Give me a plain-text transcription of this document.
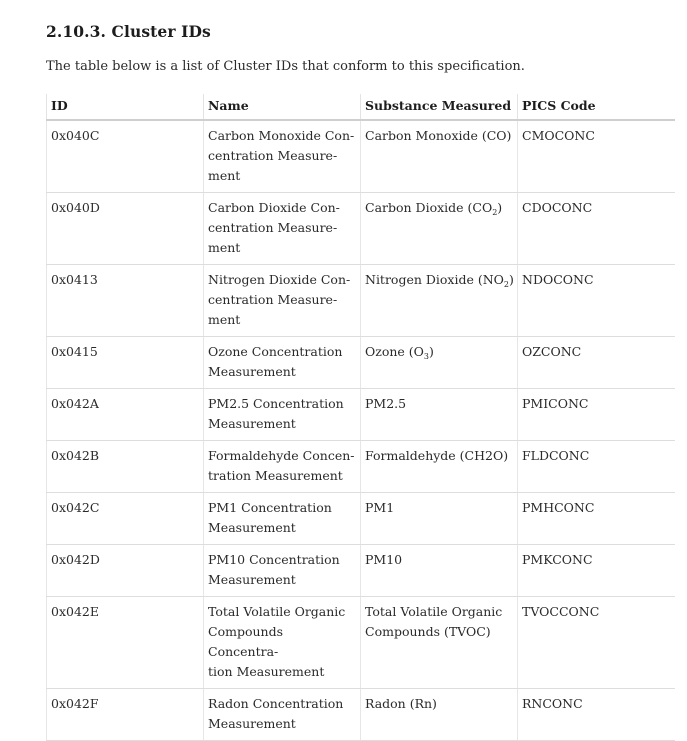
2.10.3. Cluster IDs

The table below is a list of Cluster IDs that conform to this specification.

ID	Name	Substance Measured	PICS Code
0x040C	Carbon Monoxide Con-
centration Measure-
ment	Carbon Monoxide (CO)	CMOCONC
0x040D	Carbon Dioxide Con-
centration Measure-
ment	Carbon Dioxide $(CO_2)$	CDOCONC
0x0413	Nitrogen Dioxide Con-
centration Measure-
ment	Nitrogen Dioxide $(NO_2)$	NDOCONC
0x0415	Ozone Concentration
Measurement	Ozone $(O_3)$	OZCONC
0x042A	PM2.5 Concentration
Measurement	PM2.5	PMICONC
0x042B	Formaldehyde Concen-
tration Measurement	Formaldehyde (CH2O)	FLDCONC
0x042C	PM1 Concentration
Measurement	PM1	PMHCONC
0x042D	PM10 Concentration
Measurement	PM10	PMKCONC
0x042E	Total Volatile Organic
Compounds Concentra-
tion Measurement	Total Volatile Organic
Compounds (TVOC)	TVOCCONC
0x042F	Radon Concentration
Measurement	Radon (Rn)	RNCONC
